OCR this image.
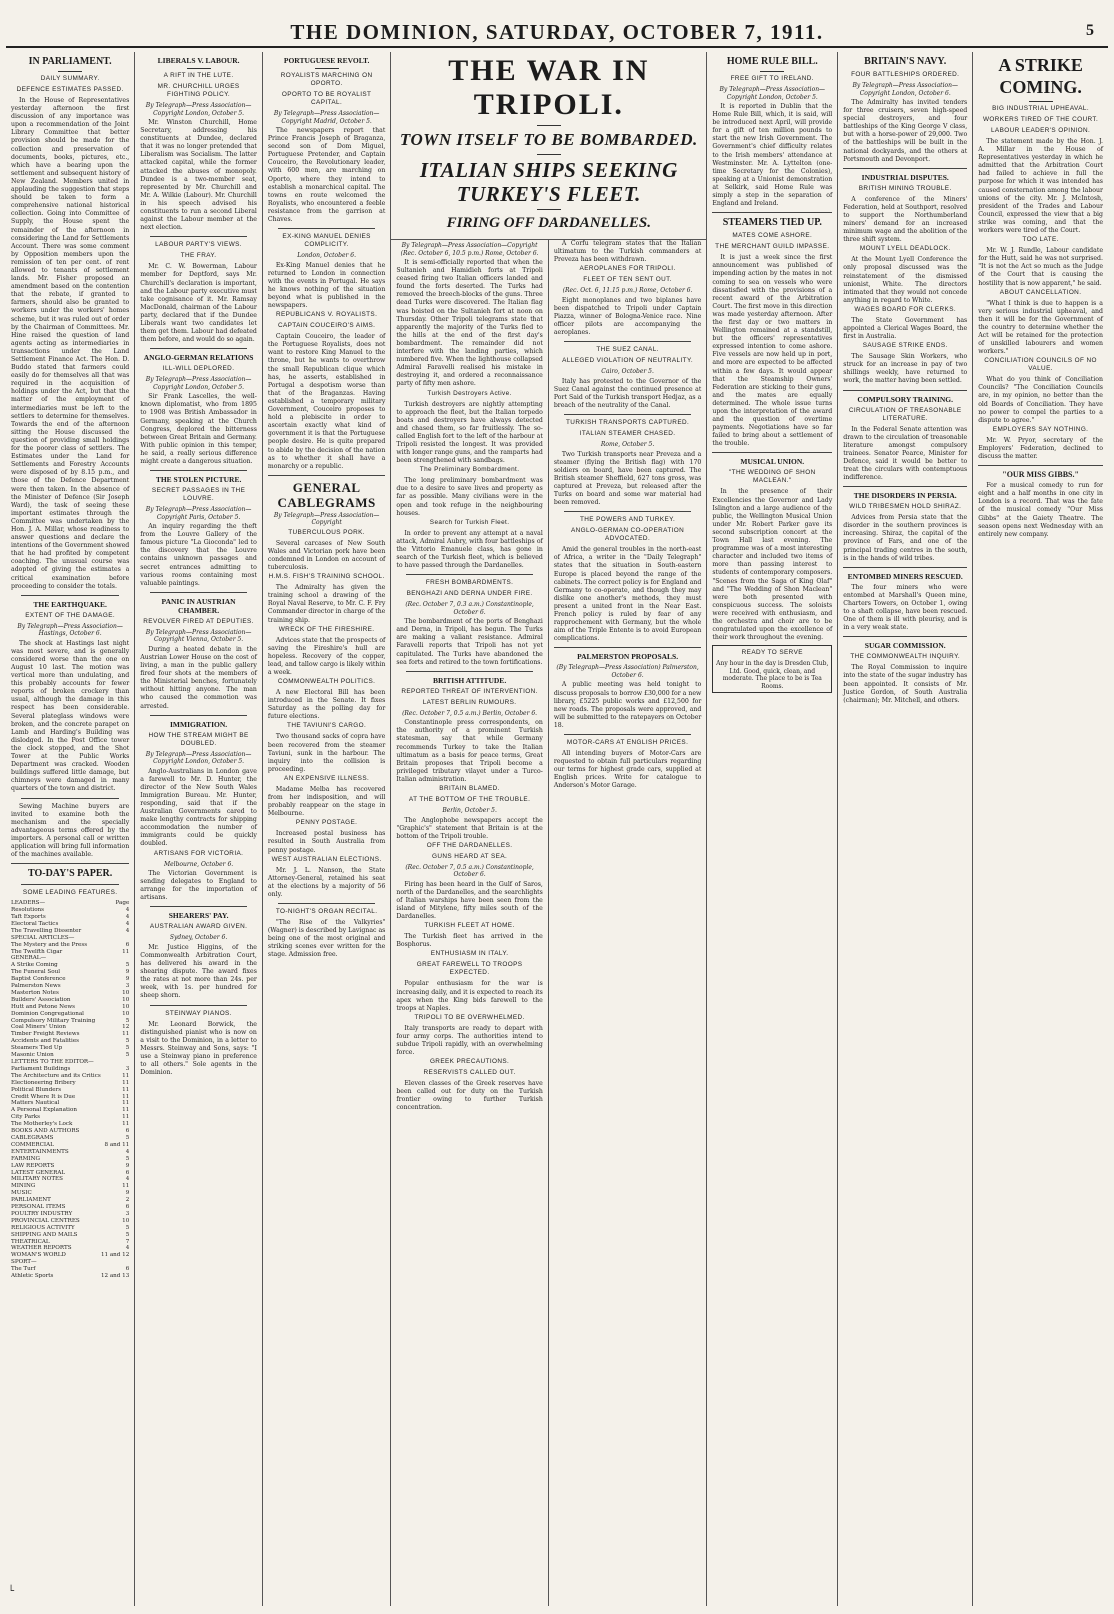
THE DOMINION, SATURDAY, OCTOBER 7, 1911.	5
IN PARLIAMENT.
DAILY SUMMARY.
DEFENCE ESTIMATES PASSED.

In the House of Representatives yesterday afternoon the first discussion of any importance was upon a recommendation of the Joint Library Committee that better provision should be made for the collection and preservation of documents, books, pictures, etc., which have a bearing upon the settlement and subsequent history of New Zealand. Members united in applauding the suggestion that steps should be taken to form a comprehensive national historical collection. Going into Committee of Supply, the House spent the remainder of the afternoon in considering the Land for Settlements Account. There was some comment by Opposition members upon the remission of ten per cent. of rent allowed to tenants of settlement lands. Mr. Fisher proposed an amendment based on the contention that the rebate, if granted to farmers, should also be granted to workers under the workers' homes scheme, but it was ruled out of order by the Chairman of Committees. Mr. Hine raised the question of land agents acting as intermediaries in transactions under the Land Settlement Finance Act. The Hon. D. Buddo stated that farmers could easily do for themselves all that was required in the acquisition of holdings under the Act, but that the matter of the employment of intermediaries must be left to the settlers to determine for themselves. Towards the end of the afternoon sitting the House discussed the question of providing small holdings for the poorer class of settlers. The Estimates under the Land for Settlements and Forestry Accounts were disposed of by 8.15 p.m., and those of the Defence Department were then taken. In the absence of the Minister of Defence (Sir Joseph Ward), the task of seeing these important estimates through the Committee was undertaken by the Hon. J. A. Millar, whose readiness to answer questions and declare the intentions of the Government showed that he had profited by competent coaching. The unusual course was adopted of giving the estimates a critical examination before proceeding to consider the totals.

THE EARTHQUAKE.
EXTENT OF THE DAMAGE.
By Telegraph—Press Association—Hastings, October 6.

The shock at Hastings last night was most severe, and is generally considered worse than the one on August 10 last. The motion was vertical more than undulating, and this probably accounts for fewer reports of broken crockery than usual, although the damage in this respect has been considerable. Several plateglass windows were broken, and the concrete parapet on Lamb and Harding's Building was dislodged. In the Post Office tower the clock stopped, and the Shot Tower at the Public Works Department was cracked. Wooden buildings suffered little damage, but chimneys were damaged in many quarters of the town and district.

Sewing Machine buyers are invited to examine both the mechanism and the specially advantageous terms offered by the importers. A personal call or written application will bring full information of the machines available.

TO-DAY'S PAPER.
SOME LEADING FEATURES.
LEADERS—	Page
Resolutions	4
Taft Exports	4
Electoral Tactics	4
The Travelling Dissenter	4
SPECIAL ARTICLES—
The Mystery and the Press	6
The Twelfth Cigar	11
GENERAL—
A Strike Coming	5
The Funeral Soul	9
Baptist Conference	9
Palmerston News	3
Masterton Notes	10
Builders' Association	10
Hutt and Petone News	10
Dominion Congregational	10
Compulsory Military Training	5
Coal Miners' Union	12
Timber Freight Reviews	11
Accidents and Fatalities	5
Steamers Tied Up	5
Masonic Union	5
LETTERS TO THE EDITOR—
Parliament Buildings	3
The Architecture and its Critics	11
Electioneering Bribery	11
Political Blunders	11
Credit Where It is Due	11
Matters Nautical	11
A Personal Explanation	11
City Parks	11
The Motherley's Lock	11
BOOKS AND AUTHORS	6
CABLEGRAMS	5
COMMERCIAL	8 and 11
ENTERTAINMENTS	4
FARMING	5
LAW REPORTS	9
LATEST GENERAL	6
MILITARY NOTES	4
MINING	11
MUSIC	9
PARLIAMENT	2
PERSONAL ITEMS	6
POULTRY INDUSTRY	3
PROVINCIAL CENTRES	10
RELIGIOUS ACTIVITY	5
SHIPPING AND MAILS	5
THEATRICAL	7
WEATHER REPORTS	4
WOMAN'S WORLD	11 and 12
SPORT—
The Turf	6
Athletic Sports	12 and 13
└
LIBERALS V. LABOUR.
A RIFT IN THE LUTE.
MR. CHURCHILL URGES FIGHTING POLICY.
By Telegraph—Press Association—Copyright London, October 5.

Mr. Winston Churchill, Home Secretary, addressing his constituents at Dundee, declared that it was no longer pretended that Liberalism was Socialism. The latter attacked capital, while the former attacked the abuses of monopoly. Dundee is a two-member seat, represented by Mr. Churchill and Mr. A. Wilkie (Labour). Mr. Churchill in his speech advised his constituents to run a second Liberal against the Labour member at the next election.

LABOUR PARTY'S VIEWS.
THE FRAY.

Mr. C. W. Bowerman, Labour member for Deptford, says Mr. Churchill's declaration is important, and the Labour party executive must take cognisance of it. Mr. Ramsay MacDonald, chairman of the Labour party, declared that if the Dundee Liberals want two candidates let them get them. Labour had defeated them before, and would do so again.

ANGLO-GERMAN RELATIONS
ILL-WILL DEPLORED.
By Telegraph—Press Association—Copyright London, October 5.

Sir Frank Lascelles, the well-known diplomatist, who from 1895 to 1908 was British Ambassador in Germany, speaking at the Church Congress, deplored the bitterness between Great Britain and Germany. With public opinion in this temper, he said, a really serious difference might create a dangerous situation.

THE STOLEN PICTURE.
SECRET PASSAGES IN THE LOUVRE.
By Telegraph—Press Association—Copyright Paris, October 5.

An inquiry regarding the theft from the Louvre Gallery of the famous picture "La Gioconda" led to the discovery that the Louvre contains unknown passages and secret entrances admitting to various rooms containing most valuable paintings.

PANIC IN AUSTRIAN CHAMBER.
REVOLVER FIRED AT DEPUTIES.
By Telegraph—Press Association—Copyright Vienna, October 5.

During a heated debate in the Austrian Lower House on the cost of living, a man in the public gallery fired four shots at the members of the Ministerial benches, fortunately without hitting anyone. The man who caused the commotion was arrested.

IMMIGRATION.
HOW THE STREAM MIGHT BE DOUBLED.
By Telegraph—Press Association—Copyright London, October 5.

Anglo-Australians in London gave a farewell to Mr. D. Hunter, the director of the New South Wales Immigration Bureau. Mr. Hunter, responding, said that if the Australian Governments cared to make lengthy contracts for shipping accommodation the number of immigrants could be quickly doubled.

ARTISANS FOR VICTORIA.
Melbourne, October 6.

The Victorian Government is sending delegates to England to arrange for the importation of artisans.

SHEARERS' PAY.
AUSTRALIAN AWARD GIVEN.
Sydney, October 6.

Mr. Justice Higgins, of the Commonwealth Arbitration Court, has delivered his award in the shearing dispute. The award fixes the rates at not more than 24s. per week, with 1s. per hundred for sheep shorn.

STEINWAY PIANOS.

Mr. Leonard Borwick, the distinguished pianist who is now on a visit to the Dominion, in a letter to Messrs. Steinway and Sons, says: "I use a Steinway piano in preference to all others." Sole agents in the Dominion.

PORTUGUESE REVOLT.
ROYALISTS MARCHING ON OPORTO.
OPORTO TO BE ROYALIST CAPITAL.
By Telegraph—Press Association—Copyright Madrid, October 5.

The newspapers report that Prince Francis Joseph of Braganza, second son of Dom Miguel, Portuguese Pretender, and Captain Couceiro, the Revolutionary leader, with 600 men, are marching on Oporto, where they intend to establish a monarchical capital. The towns en route welcomed the Royalists, who encountered a feeble resistance from the garrison at Chaves.

EX-KING MANUEL DENIES COMPLICITY.
London, October 6.

Ex-King Manuel denies that he returned to London in connection with the events in Portugal. He says he knows nothing of the situation beyond what is published in the newspapers.

REPUBLICANS V. ROYALISTS.
CAPTAIN COUCEIRO'S AIMS.

Captain Couceiro, the leader of the Portuguese Royalists, does not want to restore King Manuel to the throne, but he wants to overthrow the small Republican clique which has, he asserts, established in Portugal a despotism worse than that of the Braganzas. Having established a temporary military Government, Couceiro proposes to hold a plebiscite in order to ascertain exactly what kind of government it is that the Portuguese people desire. He is quite prepared to abide by the decision of the nation as to whether it shall have a monarchy or a republic.

GENERAL CABLEGRAMS
By Telegraph—Press Association—Copyright
TUBERCULOUS PORK.

Several carcases of New South Wales and Victorian pork have been condemned in London on account of tuberculosis.

H.M.S. FISH'S TRAINING SCHOOL.

The Admiralty has given the training school a drawing of the Royal Naval Reserve, to Mr. C. F. Fry Commander director in charge of the training ship.

WRECK OF THE FIRESHIRE.

Advices state that the prospects of saving the Fireshire's hull are hopeless. Recovery of the copper, lead, and tallow cargo is likely within a week.

COMMONWEALTH POLITICS.

A new Electoral Bill has been introduced in the Senate. It fixes Saturday as the polling day for future elections.

THE TAVIUNI'S CARGO.

Two thousand sacks of copra have been recovered from the steamer Taviuni, sunk in the harbour. The inquiry into the collision is proceeding.

AN EXPENSIVE ILLNESS.

Madame Melba has recovered from her indisposition, and will probably reappear on the stage in Melbourne.

PENNY POSTAGE.

Increased postal business has resulted in South Australia from penny postage.

WEST AUSTRALIAN ELECTIONS.

Mr. J. L. Nanson, the State Attorney-General, retained his seat at the elections by a majority of 56 only.

TO-NIGHT'S ORGAN RECITAL.

"The Rise of the Valkyries" (Wagner) is described by Lavignac as being one of the most original and striking scenes ever written for the stage. Admission free.

THE WAR IN TRIPOLI.
TOWN ITSELF TO BE BOMBARDED.
ITALIAN SHIPS SEEKING TURKEY'S FLEET.
FIRING OFF DARDANELLES.
By Telegraph—Press Association—Copyright (Rec. October 6, 10.5 p.m.) Rome, October 6.

It is semi-officially reported that when the Sultanieh and Hamidieh forts at Tripoli ceased firing two Italian officers landed and found the forts deserted. The Turks had removed the breech-blocks of the guns. Three dead Turks were discovered. The Italian flag was hoisted on the Sultanieh fort at noon on Thursday. Other Tripoli telegrams state that apparently the majority of the Turks fled to the hills at the end of the first day's bombardment. The remainder did not interfere with the landing parties, which numbered five. When the lighthouse collapsed Admiral Faravelli realised his mistake in destroying it, and ordered a reconnaissance party of fifty men ashore.

Turkish Destroyers Active.

Turkish destroyers are nightly attempting to approach the fleet, but the Italian torpedo boats and destroyers have always detected and chased them, so far fruitlessly. The so-called English fort to the left of the harbour at Tripoli resisted the longest. It was provided with longer range guns, and the ramparts had been strengthened with sandbags.

The Preliminary Bombardment.

The long preliminary bombardment was due to a desire to save lives and property as far as possible. Many civilians were in the open and took refuge in the neighbouring houses.

Search for Turkish Fleet.

In order to prevent any attempt at a naval attack, Admiral Aubry, with four battleships of the Vittorio Emanuele class, has gone in search of the Turkish fleet, which is believed to have passed through the Dardanelles.

FRESH BOMBARDMENTS.
BENGHAZI AND DERNA UNDER FIRE.
(Rec. October 7, 0.3 a.m.) Constantinople, October 6.

The bombardment of the ports of Benghazi and Derna, in Tripoli, has begun. The Turks are making a valiant resistance. Admiral Faravelli reports that Tripoli has not yet capitulated. The Turks have abandoned the sea forts and retired to the town fortifications.

BRITISH ATTITUDE.
REPORTED THREAT OF INTERVENTION.
LATEST BERLIN RUMOURS.
(Rec. October 7, 0.5 a.m.) Berlin, October 6.

Constantinople press correspondents, on the authority of a prominent Turkish statesman, say that while Germany recommends Turkey to take the Italian ultimatum as a basis for peace terms, Great Britain proposes that Tripoli become a privileged tributary vilayet under a Turco-Italian administration.

BRITAIN BLAMED.
AT THE BOTTOM OF THE TROUBLE.
Berlin, October 5.

The Anglophobe newspapers accept the "Graphic's" statement that Britain is at the bottom of the Tripoli trouble.

OFF THE DARDANELLES.
GUNS HEARD AT SEA.
(Rec. October 7, 0.5 a.m.) Constantinople, October 6.

Firing has been heard in the Gulf of Saros, north of the Dardanelles, and the searchlights of Italian warships have been seen from the island of Mitylene, fifty miles south of the Dardanelles.

TURKISH FLEET AT HOME.

The Turkish fleet has arrived in the Bosphorus.

ENTHUSIASM IN ITALY.
GREAT FAREWELL TO TROOPS EXPECTED.

Popular enthusiasm for the war is increasing daily, and it is expected to reach its apex when the King bids farewell to the troops at Naples.

TRIPOLI TO BE OVERWHELMED.

Italy transports are ready to depart with four army corps. The authorities intend to subdue Tripoli rapidly, with an overwhelming force.

GREEK PRECAUTIONS.
RESERVISTS CALLED OUT.

Eleven classes of the Greek reserves have been called out for duty on the Turkish frontier owing to further Turkish concentration.

A Corfu telegram states that the Italian ultimatum to the Turkish commanders at Preveza has been withdrawn.

AEROPLANES FOR TRIPOLI.
FLEET OF TEN SENT OUT.
(Rec. Oct. 6, 11.15 p.m.) Rome, October 6.

Eight monoplanes and two biplanes have been dispatched to Tripoli under Captain Piazza, winner of Bologna-Venice race. Nine officer pilots are accompanying the aeroplanes.

THE SUEZ CANAL.
ALLEGED VIOLATION OF NEUTRALITY.
Cairo, October 5.

Italy has protested to the Governor of the Suez Canal against the continued presence at Port Said of the Turkish transport Hedjaz, as a breach of the neutrality of the Canal.

TURKISH TRANSPORTS CAPTURED.
ITALIAN STEAMER CHASED.
Rome, October 5.

Two Turkish transports near Preveza and a steamer (flying the British flag) with 170 soldiers on board, have been captured. The British steamer Sheffield, 627 tons gross, was captured at Preveza, but released after the Turks on board and some war material had been removed.

THE POWERS AND TURKEY.
ANGLO-GERMAN CO-OPERATION ADVOCATED.

Amid the general troubles in the north-east of Africa, a writer in the "Daily Telegraph" states that the situation in South-eastern Europe is placed beyond the range of the cabinets. The correct policy is for England and Germany to co-operate, and though they may dislike one another's methods, they must present a united front in the Near East. French policy is ruled by fear of any rapprochement with Germany, but the whole aim of the Triple Entente is to avoid European complications.

PALMERSTON PROPOSALS.
(By Telegraph—Press Association) Palmerston, October 6.

A public meeting was held tonight to discuss proposals to borrow £30,000 for a new library, £5225 public works and £12,500 for new roads. The proposals were approved, and will be submitted to the ratepayers on October 18.

MOTOR-CARS AT ENGLISH PRICES.

All intending buyers of Motor-Cars are requested to obtain full particulars regarding our terms for highest grade cars, supplied at English prices. Write for catalogue to Anderson's Motor Garage.

HOME RULE BILL.
FREE GIFT TO IRELAND.
By Telegraph—Press Association—Copyright London, October 5.

It is reported in Dublin that the Home Rule Bill, which, it is said, will be introduced next April, will provide for a gift of ten million pounds to start the new Irish Government. The Government's chief difficulty relates to the Irish members' attendance at Westminster. Mr. A. Lyttelton (one-time Secretary for the Colonies), speaking at a Unionist demonstration at Selkirk, said Home Rule was simply a step in the separation of England and Ireland.

STEAMERS TIED UP.
MATES COME ASHORE.
THE MERCHANT GUILD IMPASSE.

It is just a week since the first announcement was published of impending action by the mates in not coming to sea on vessels who were dissatisfied with the provisions of a recent award of the Arbitration Court. The first move in this direction was made yesterday afternoon. After the first day or two matters in Wellington remained at a standstill, but the officers' representatives expressed intention to come ashore. Five vessels are now held up in port, and more are expected to be affected within a few days. It would appear that the Steamship Owners' Federation are sticking to their guns, and the mates are equally determined. The whole issue turns upon the interpretation of the award and the question of overtime payments. Negotiations have so far failed to bring about a settlement of the trouble.

MUSICAL UNION.
"THE WEDDING OF SHON MACLEAN."

In the presence of their Excellencies the Governor and Lady Islington and a large audience of the public, the Wellington Musical Union under Mr. Robert Parker gave its second subscription concert at the Town Hall last evening. The programme was of a most interesting character and included two items of more than passing interest to students of contemporary composers. "Scenes from the Saga of King Olaf" and "The Wedding of Shon Maclean" were both presented with conspicuous success. The soloists were received with enthusiasm, and the orchestra and choir are to be congratulated upon the excellence of their work throughout the evening.

READY TO SERVE
Any hour in the day is Dresden Club, Ltd. Good, quick, clean, and moderate. The place to be is Tea Rooms.
BRITAIN'S NAVY.
FOUR BATTLESHIPS ORDERED.
By Telegraph—Press Association—Copyright London, October 6.

The Admiralty has invited tenders for three cruisers, seven high-speed special destroyers, and four battleships of the King George V class, but with a horse-power of 29,000. Two of the battleships will be built in the national dockyards, and the others at Portsmouth and Devonport.

INDUSTRIAL DISPUTES.
BRITISH MINING TROUBLE.

A conference of the Miners' Federation, held at Southport, resolved to support the Northumberland miners' demand for an increased minimum wage and the abolition of the three shift system.

MOUNT LYELL DEADLOCK.

At the Mount Lyell Conference the only proposal discussed was the reinstatement of the dismissed unionist, White. The directors intimated that they would not concede anything in regard to White.

WAGES BOARD FOR CLERKS.

The State Government has appointed a Clerical Wages Board, the first in Australia.

SAUSAGE STRIKE ENDS.

The Sausage Skin Workers, who struck for an increase in pay of two shillings weekly, have returned to work, the matter having been settled.

COMPULSORY TRAINING.
CIRCULATION OF TREASONABLE LITERATURE.

In the Federal Senate attention was drawn to the circulation of treasonable literature amongst compulsory trainees. Senator Pearce, Minister for Defence, said it would be better to treat the circulars with contemptuous indifference.

THE DISORDERS IN PERSIA.
WILD TRIBESMEN HOLD SHIRAZ.

Advices from Persia state that the disorder in the southern provinces is increasing. Shiraz, the capital of the province of Fars, and one of the principal trading centres in the south, is in the hands of wild tribes.

ENTOMBED MINERS RESCUED.

The four miners who were entombed at Marshall's Queen mine, Charters Towers, on October 1, owing to a shaft collapse, have been rescued. One of them is ill with pleurisy, and is in a very weak state.

SUGAR COMMISSION.
THE COMMONWEALTH INQUIRY.

The Royal Commission to inquire into the state of the sugar industry has been appointed. It consists of Mr. Justice Gordon, of South Australia (chairman); Mr. Mitchell, and others.

A STRIKE COMING.
BIG INDUSTRIAL UPHEAVAL.
WORKERS TIRED OF THE COURT.
LABOUR LEADER'S OPINION.

The statement made by the Hon. J. A. Millar in the House of Representatives yesterday in which he admitted that the Arbitration Court had failed to achieve in full the purpose for which it was intended has caused consternation among the labour unions of the city. Mr. J. McIntosh, president of the Trades and Labour Council, expressed the view that a big strike was coming, and that the workers were tired of the Court.

TOO LATE.

Mr. W. J. Rundle, Labour candidate for the Hutt, said he was not surprised. "It is not the Act so much as the Judge of the Court that is causing the hostility that is now apparent," he said.

ABOUT CANCELLATION.

"What I think is due to happen is a very serious industrial upheaval, and then it will be for the Government of the country to determine whether the Act will be retained for the protection of unskilled labourers and women workers."

CONCILIATION COUNCILS OF NO VALUE.

What do you think of Conciliation Councils? "The Conciliation Councils are, in my opinion, no better than the old Boards of Conciliation. They have no power to compel the parties to a dispute to agree."

EMPLOYERS SAY NOTHING.

Mr. W. Pryor, secretary of the Employers' Federation, declined to discuss the matter.

"OUR MISS GIBBS."

For a musical comedy to run for eight and a half months in one city in London is a record. That was the fate of the musical comedy "Our Miss Gibbs" at the Gaiety Theatre. The season opens next Wednesday with an entirely new company.
